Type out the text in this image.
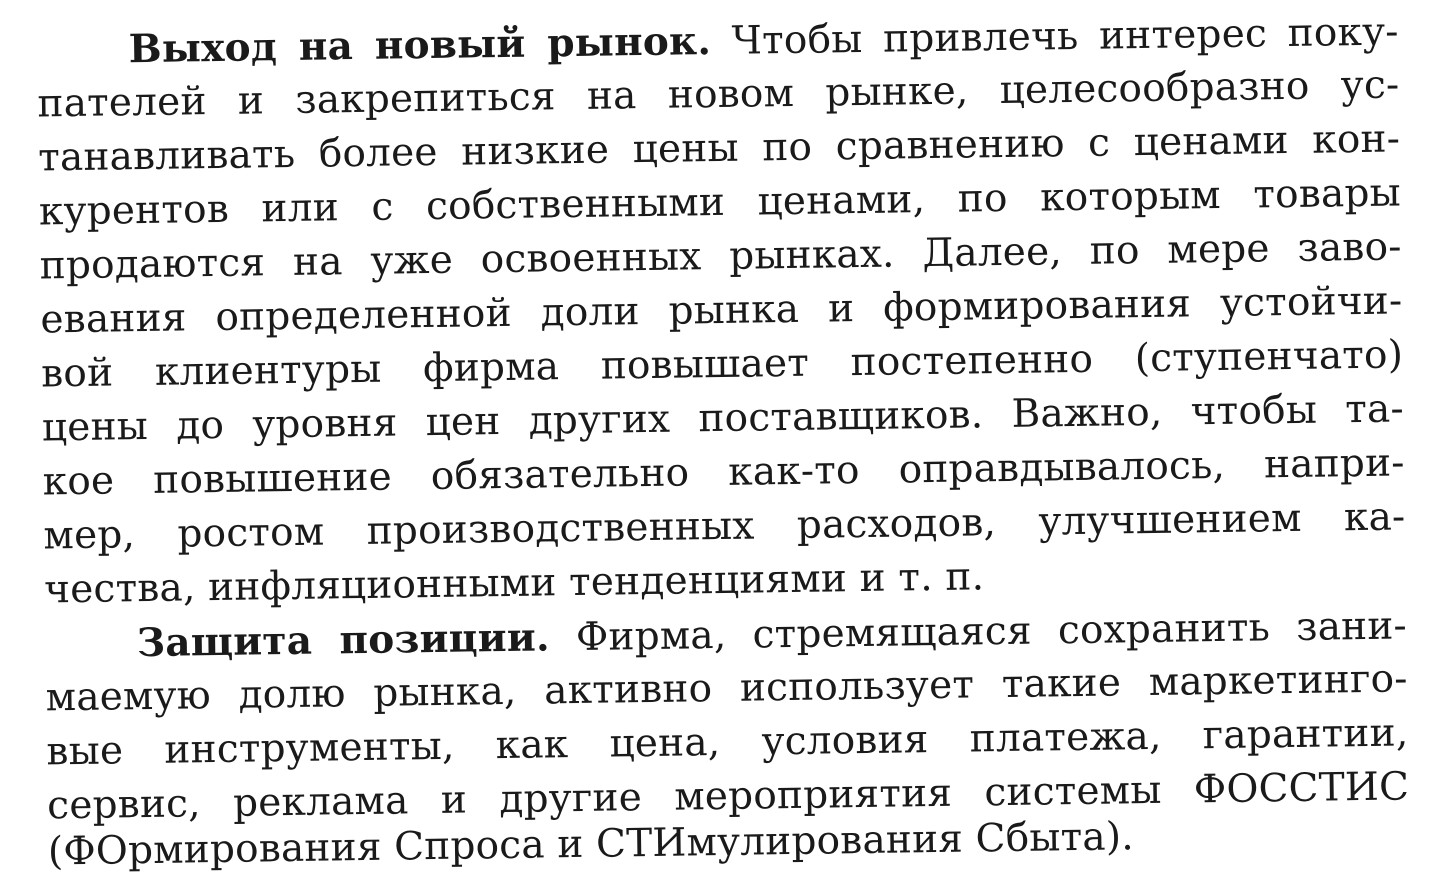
Выход на новый рынок. Чтобы привлечь интерес поку-
пателей и закрепиться на новом рынке, целесообразно ус-
танавливать более низкие цены по сравнению с ценами кон-
курентов или с собственными ценами, по которым товары
продаются на уже освоенных рынках. Далее, по мере заво-
евания определенной доли рынка и формирования устойчи-
вой клиентуры фирма повышает постепенно (ступенчато)
цены до уровня цен других поставщиков. Важно, чтобы та-
кое повышение обязательно как-то оправдывалось, напри-
мер, ростом производственных расходов, улучшением ка-
чества, инфляционными тенденциями и т. п.
Защита позиции. Фирма, стремящаяся сохранить зани-
маемую долю рынка, активно использует такие маркетинго-
вые инструменты, как цена, условия платежа, гарантии,
сервис, реклама и другие мероприятия системы ФОССТИС
(ФОрмирования Спроса и СТИмулирования Сбыта).
